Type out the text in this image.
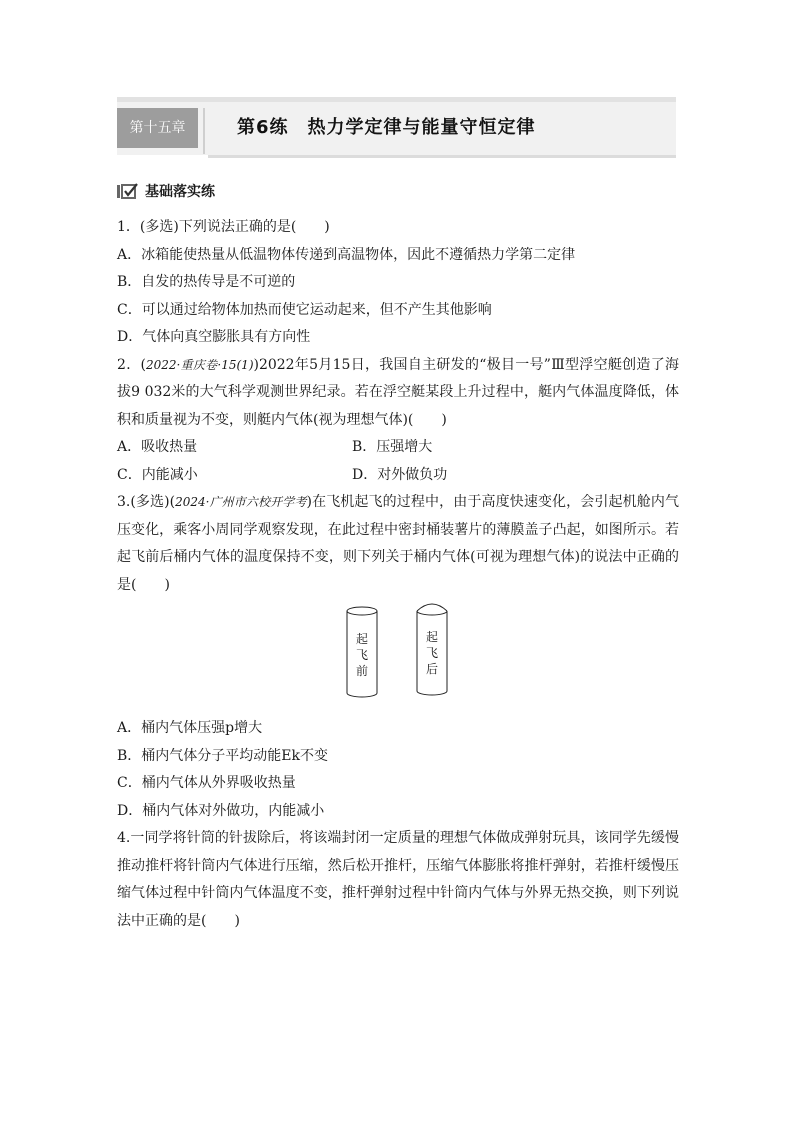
第十五章	第6练　热力学定律与能量守恒定律
基础落实练
1．(多选)下列说法正确的是(　　)
A．冰箱能使热量从低温物体传递到高温物体，因此不遵循热力学第二定律
B．自发的热传导是不可逆的
C．可以通过给物体加热而使它运动起来，但不产生其他影响
D．气体向真空膨胀具有方向性
2．(2022·重庆卷·15(1))2022年5月15日，我国自主研发的“极目一号”Ⅲ型浮空艇创造了海拔9 032米的大气科学观测世界纪录。若在浮空艇某段上升过程中，艇内气体温度降低，体积和质量视为不变，则艇内气体(视为理想气体)(　　)
A．吸收热量	B．压强增大
C．内能减小	D．对外做负功
3.(多选)(2024·广州市六校开学考)在飞机起飞的过程中，由于高度快速变化，会引起机舱内气压变化，乘客小周同学观察发现，在此过程中密封桶装薯片的薄膜盖子凸起，如图所示。若起飞前后桶内气体的温度保持不变，则下列关于桶内气体(可视为理想气体)的说法中正确的是(　　)
起
飞
前
起
飞
后
A．桶内气体压强p增大
B．桶内气体分子平均动能Ek不变
C．桶内气体从外界吸收热量
D．桶内气体对外做功，内能减小
4.一同学将针筒的针拔除后，将该端封闭一定质量的理想气体做成弹射玩具，该同学先缓慢推动推杆将针筒内气体进行压缩，然后松开推杆，压缩气体膨胀将推杆弹射，若推杆缓慢压缩气体过程中针筒内气体温度不变，推杆弹射过程中针筒内气体与外界无热交换，则下列说法中正确的是(　　)
